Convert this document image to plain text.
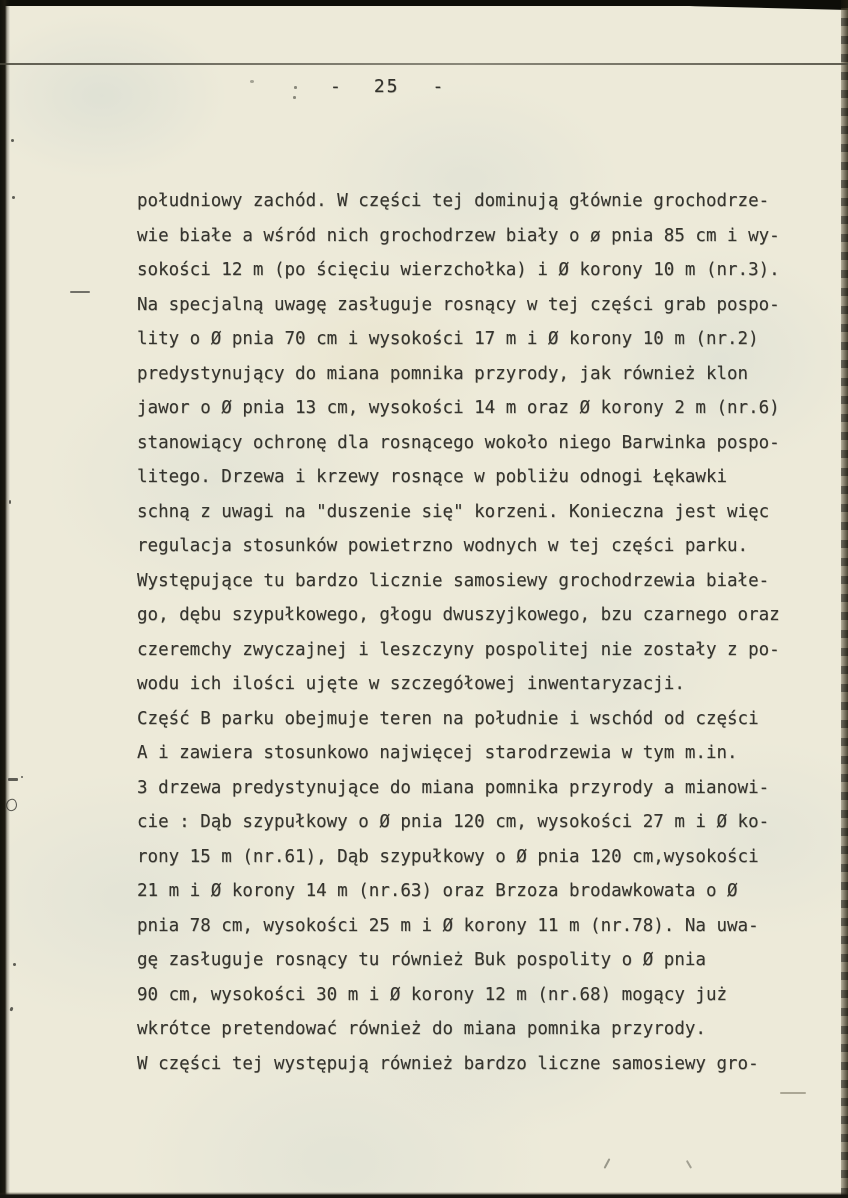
- 25 -
południowy zachód. W części tej dominują głównie grochodrze-
wie białe a wśród nich grochodrzew biały o ø pnia 85 cm i wy-
sokości 12 m (po ścięciu wierzchołka) i Ø korony 10 m (nr.3).
Na specjalną uwagę zasługuje rosnący w tej części grab pospo-
lity o Ø pnia 70 cm i wysokości 17 m i Ø korony 10 m (nr.2)
predystynujący do miana pomnika przyrody, jak również klon
jawor o Ø pnia 13 cm, wysokości 14 m oraz Ø korony 2 m (nr.6)
stanowiący ochronę dla rosnącego wokoło niego Barwinka pospo-
litego. Drzewa i krzewy rosnące w pobliżu odnogi Łękawki
schną z uwagi na "duszenie się" korzeni. Konieczna jest więc
regulacja stosunków powietrzno wodnych w tej części parku.
Występujące tu bardzo licznie samosiewy grochodrzewia białe-
go, dębu szypułkowego, głogu dwuszyjkowego, bzu czarnego oraz
czeremchy zwyczajnej i leszczyny pospolitej nie zostały z po-
wodu ich ilości ujęte w szczegółowej inwentaryzacji.
Część B parku obejmuje teren na południe i wschód od części
A i zawiera stosunkowo najwięcej starodrzewia w tym m.in.
3 drzewa predystynujące do miana pomnika przyrody a mianowi-
cie : Dąb szypułkowy o Ø pnia 120 cm, wysokości 27 m i Ø ko-
rony 15 m (nr.61), Dąb szypułkowy o Ø pnia 120 cm,wysokości
21 m i Ø korony 14 m (nr.63) oraz Brzoza brodawkowata o Ø
pnia 78 cm, wysokości 25 m i Ø korony 11 m (nr.78). Na uwa-
gę zasługuje rosnący tu również Buk pospolity o Ø pnia
90 cm, wysokości 30 m i Ø korony 12 m (nr.68) mogący już
wkrótce pretendować również do miana pomnika przyrody.
W części tej występują również bardzo liczne samosiewy gro-
